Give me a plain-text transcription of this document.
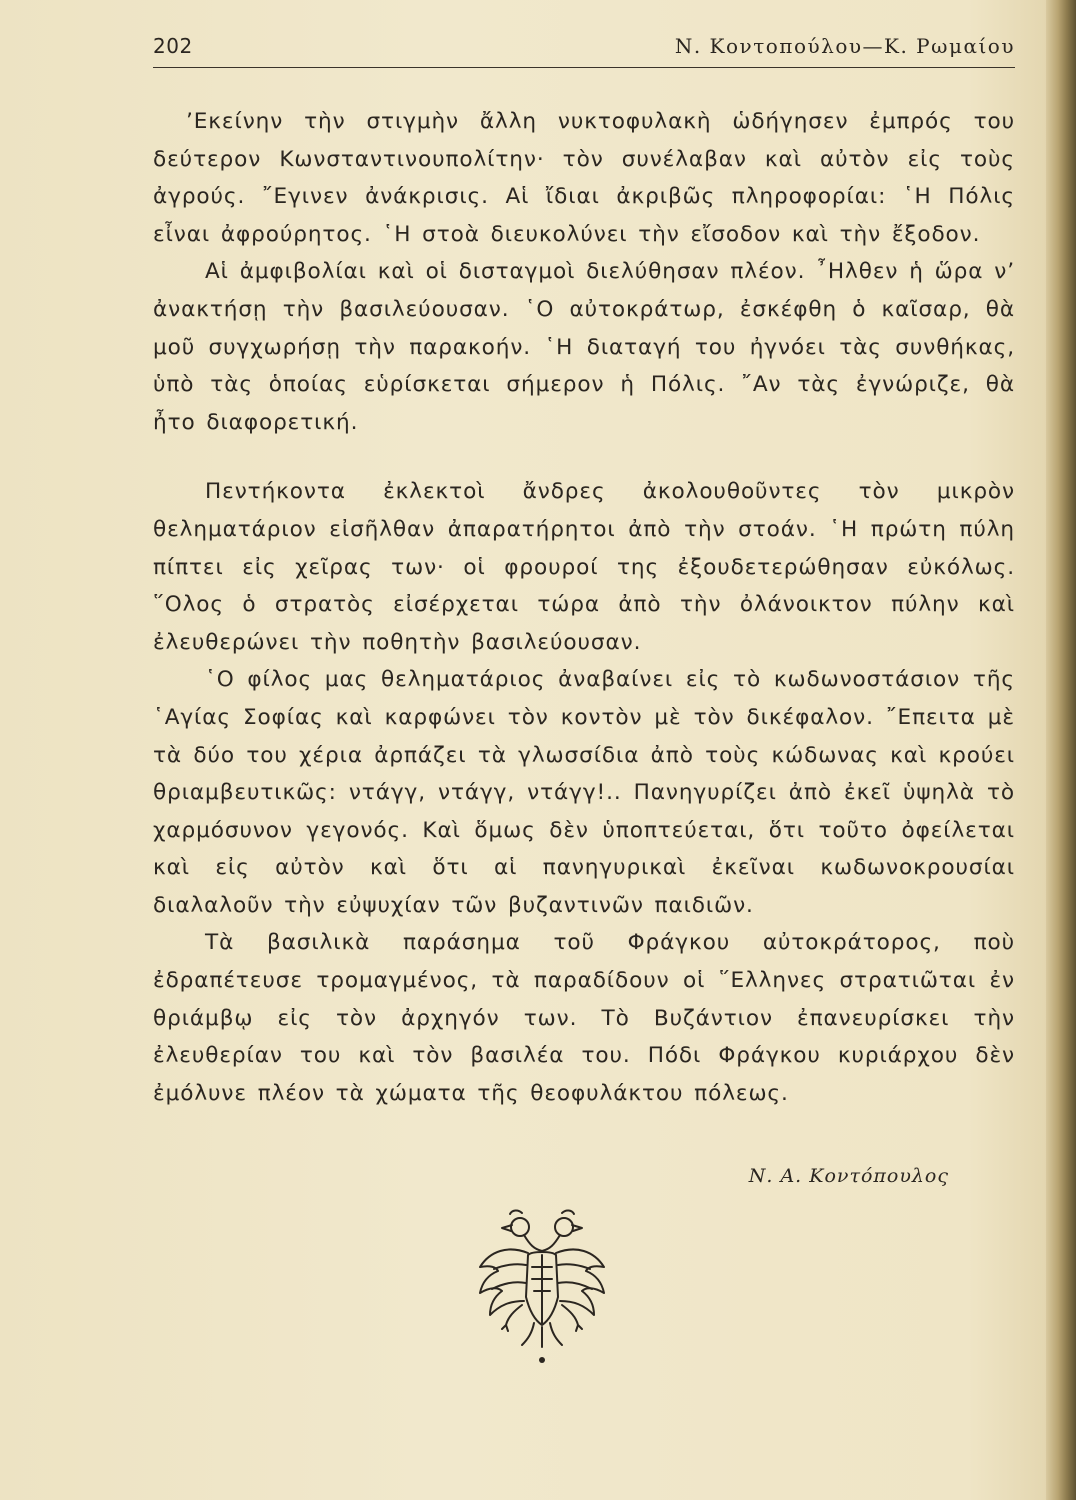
202	Ν. Κοντοπούλου—Κ. Ρωμαίου

’Εκείνην τὴν στιγμὴν ἄλλη νυκτοφυλακὴ ὡδήγησεν ἐμπρός του δεύτερον Κωνσταντινουπολίτην· τὸν συνέλαβαν καὶ αὐτὸν εἰς τοὺς ἀγρούς. ῎Εγινεν ἀνάκρισις. Αἱ ἴδιαι ἀκριβῶς πληροφορίαι: ῾Η Πόλις εἶναι ἀφρούρητος. ῾Η στοὰ διευκολύνει τὴν εἴσοδον καὶ τὴν ἔξοδον.

Αἱ ἀμφιβολίαι καὶ οἱ δισταγμοὶ διελύθησαν πλέον. ῏Ηλθεν ἡ ὥρα ν’ ἀνακτήσῃ τὴν βασιλεύουσαν. ῾Ο αὐτοκράτωρ, ἐσκέφθη ὁ καῖσαρ, θὰ μοῦ συγχωρήσῃ τὴν παρακοήν. ῾Η διαταγή του ἠγνόει τὰς συνθήκας, ὑπὸ τὰς ὁποίας εὑρίσκεται σήμερον ἡ Πόλις. ῎Αν τὰς ἐγνώριζε, θὰ ἦτο διαφορετική.

Πεντήκοντα ἐκλεκτοὶ ἄνδρες ἀκολουθοῦντες τὸν μικρὸν θεληματάριον εἰσῆλθαν ἀπαρατήρητοι ἀπὸ τὴν στοάν. ῾Η πρώτη πύλη πίπτει εἰς χεῖρας των· οἱ φρουροί της ἐξουδετερώθησαν εὐκόλως. ῞Ολος ὁ στρατὸς εἰσέρχεται τώρα ἀπὸ τὴν ὀλάνοικτον πύλην καὶ ἐλευθερώνει τὴν ποθητὴν βασιλεύουσαν.

῾Ο φίλος μας θεληματάριος ἀναβαίνει εἰς τὸ κωδωνοστάσιον τῆς ῾Αγίας Σοφίας καὶ καρφώνει τὸν κοντὸν μὲ τὸν δικέφαλον. ῎Επειτα μὲ τὰ δύο του χέρια ἀρπάζει τὰ γλωσσίδια ἀπὸ τοὺς κώδωνας καὶ κρούει θριαμβευτικῶς: ντάγγ, ντάγγ, ντάγγ!.. Πανηγυρίζει ἀπὸ ἐκεῖ ὑψηλὰ τὸ χαρμόσυνον γεγονός. Καὶ ὅμως δὲν ὑποπτεύεται, ὅτι τοῦτο ὀφείλεται καὶ εἰς αὐτὸν καὶ ὅτι αἱ πανηγυρικαὶ ἐκεῖναι κωδωνοκρουσίαι διαλαλοῦν τὴν εὐψυχίαν τῶν βυζαντινῶν παιδιῶν.

Τὰ βασιλικὰ παράσημα τοῦ Φράγκου αὐτοκράτορος, ποὺ ἐδραπέτευσε τρομαγμένος, τὰ παραδίδουν οἱ ῞Ελληνες στρατιῶται ἐν θριάμβῳ εἰς τὸν ἀρχηγόν των. Τὸ Βυζάντιον ἐπανευρίσκει τὴν ἐλευθερίαν του καὶ τὸν βασιλέα του. Πόδι Φράγκου κυριάρχου δὲν ἐμόλυνε πλέον τὰ χώματα τῆς θεοφυλάκτου πόλεως.

Ν. Α. Κοντόπουλος
